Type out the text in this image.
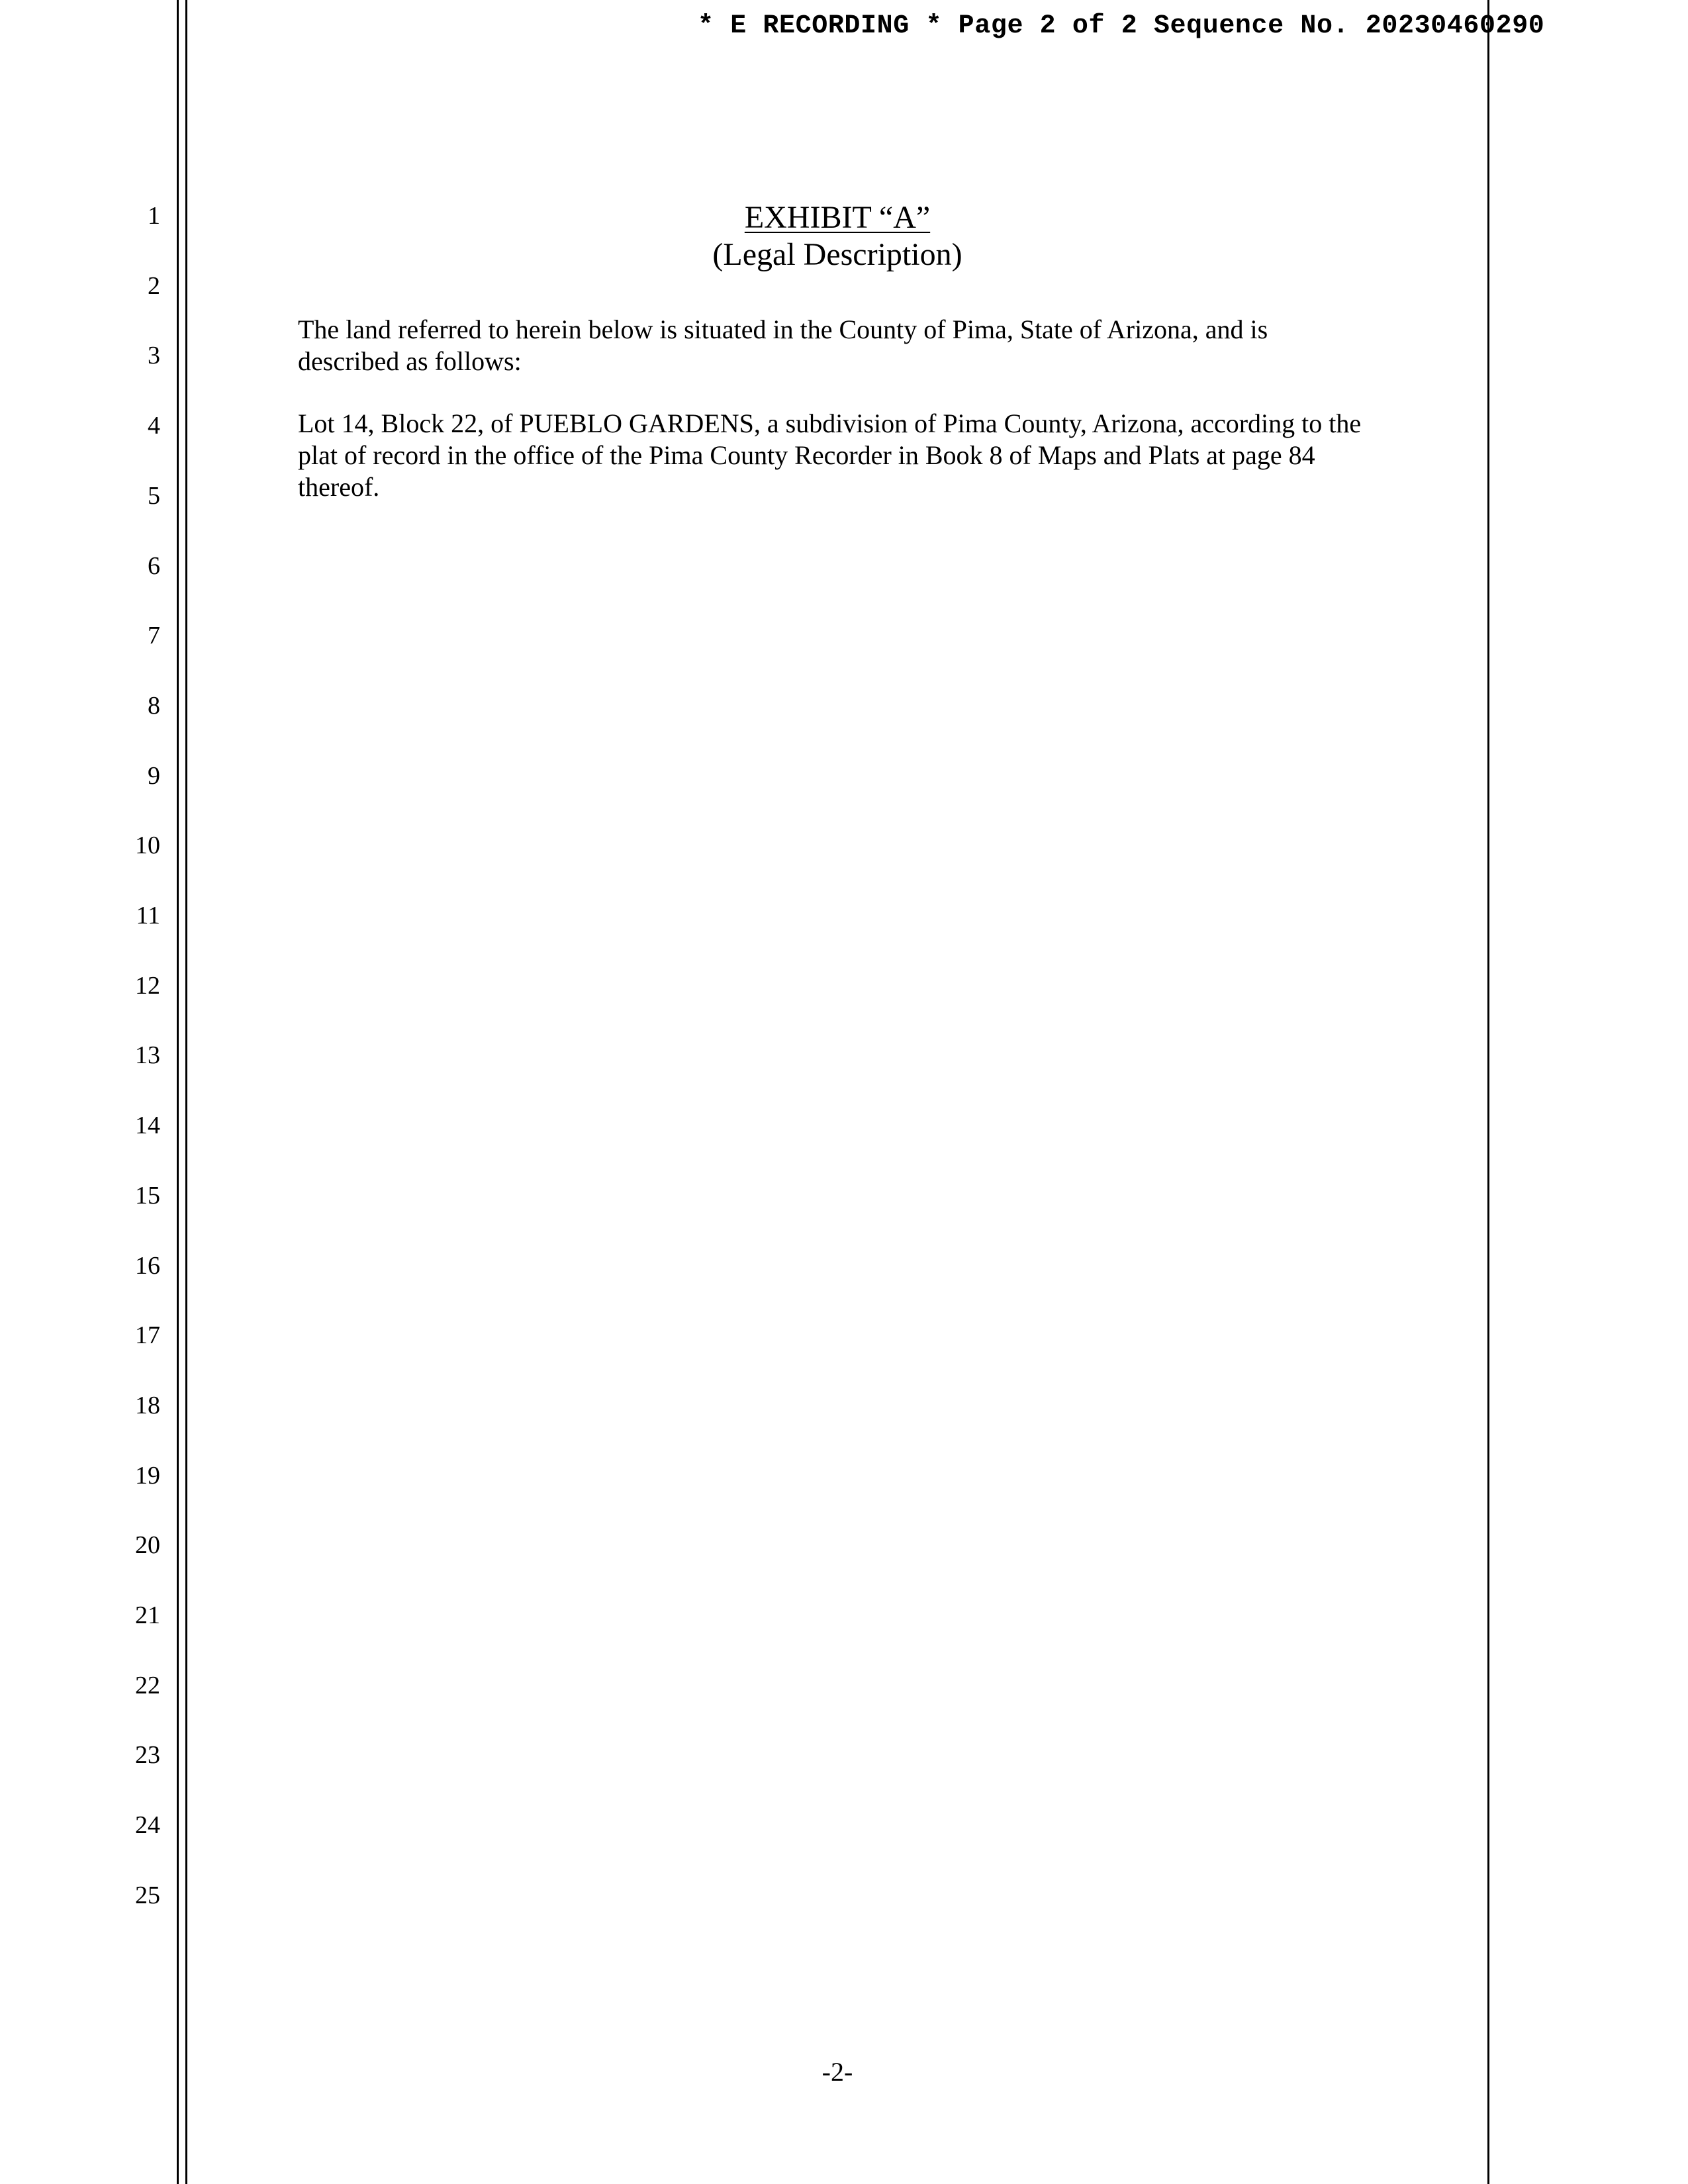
* E RECORDING * Page 2 of 2 Sequence No. 20230460290
1
2
3
4
5
6
7
8
9
10
11
12
13
14
15
16
17
18
19
20
21
22
23
24
25
EXHIBIT “A”
(Legal Description)
The land referred to herein below is situated in the County of Pima, State of Arizona, and is described as follows:
Lot 14, Block 22, of PUEBLO GARDENS, a subdivision of Pima County, Arizona, according to the plat of record in the office of the Pima County Recorder in Book 8 of Maps and Plats at page 84 thereof.
-2-
